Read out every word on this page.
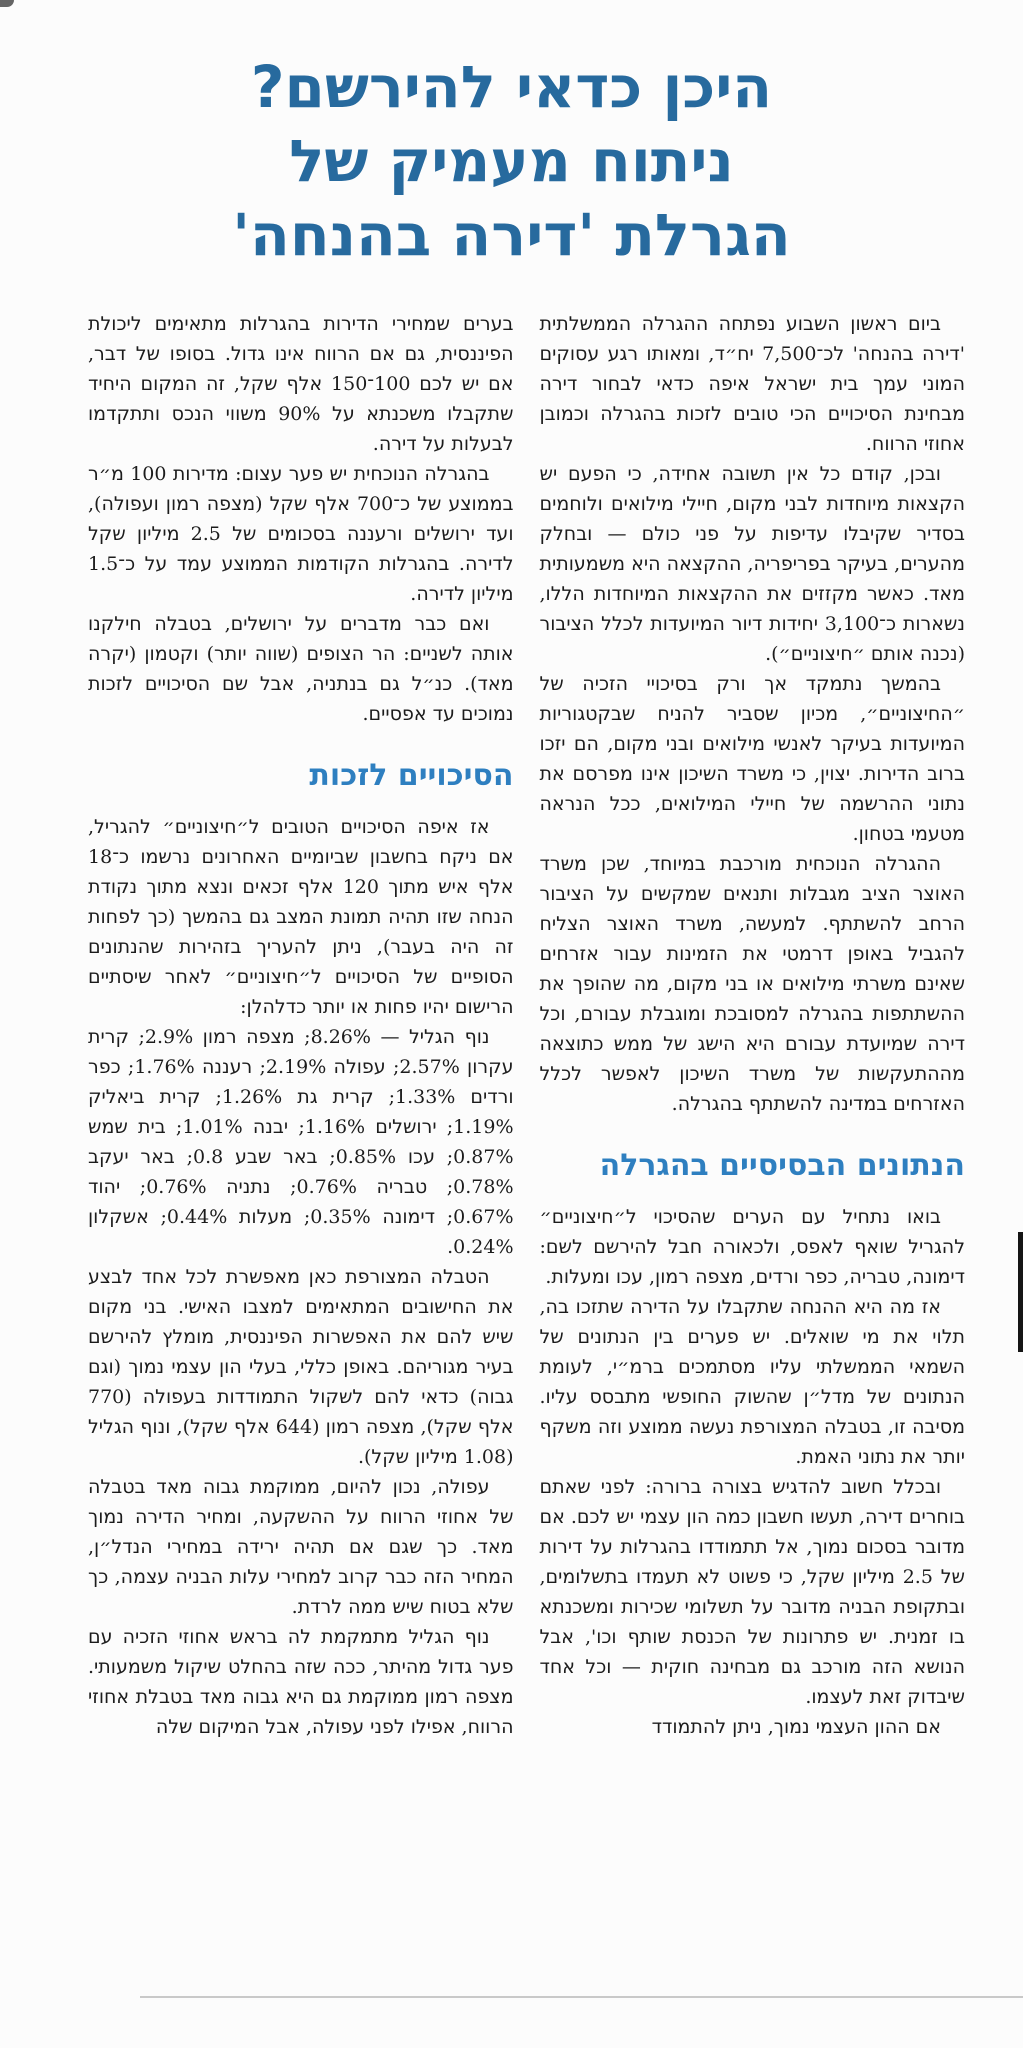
היכן כדאי להירשם?
ניתוח מעמיק של
הגרלת 'דירה בהנחה'

ביום ראשון השבוע נפתחה ההגרלה הממשלתית 'דירה בהנחה' לכ־7,500 יח״ד, ומאותו רגע עסוקים המוני עמך בית ישראל איפה כדאי לבחור דירה מבחינת הסיכויים הכי טובים לזכות בהגרלה וכמובן אחוזי הרווח.

ובכן, קודם כל אין תשובה אחידה, כי הפעם יש הקצאות מיוחדות לבני מקום, חיילי מילואים ולוחמים בסדיר שקיבלו עדיפות על פני כולם — ובחלק מהערים, בעיקר בפריפריה, ההקצאה היא משמעותית מאד. כאשר מקזזים את ההקצאות המיוחדות הללו, נשארות כ־3,100 יחידות דיור המיועדות לכלל הציבור (נכנה אותם ״חיצוניים״).

בהמשך נתמקד אך ורק בסיכויי הזכיה של ״החיצוניים״, מכיון שסביר להניח שבקטגוריות המיועדות בעיקר לאנשי מילואים ובני מקום, הם יזכו ברוב הדירות. יצוין, כי משרד השיכון אינו מפרסם את נתוני ההרשמה של חיילי המילואים, ככל הנראה מטעמי בטחון.

ההגרלה הנוכחית מורכבת במיוחד, שכן משרד האוצר הציב מגבלות ותנאים שמקשים על הציבור הרחב להשתתף. למעשה, משרד האוצר הצליח להגביל באופן דרמטי את הזמינות עבור אזרחים שאינם משרתי מילואים או בני מקום, מה שהופך את ההשתתפות בהגרלה למסובכת ומוגבלת עבורם, וכל דירה שמיועדת עבורם היא הישג של ממש כתוצאה מההתעקשות של משרד השיכון לאפשר לכלל האזרחים במדינה להשתתף בהגרלה.

הנתונים הבסיסיים בהגרלה

בואו נתחיל עם הערים שהסיכוי ל״חיצוניים״ להגריל שואף לאפס, ולכאורה חבל להירשם לשם: דימונה, טבריה, כפר ורדים, מצפה רמון, עכו ומעלות.

אז מה היא ההנחה שתקבלו על הדירה שתזכו בה, תלוי את מי שואלים. יש פערים בין הנתונים של השמאי הממשלתי עליו מסתמכים ברמ״י, לעומת הנתונים של מדל״ן שהשוק החופשי מתבסס עליו. מסיבה זו, בטבלה המצורפת נעשה ממוצע וזה משקף יותר את נתוני האמת.

ובכלל חשוב להדגיש בצורה ברורה: לפני שאתם בוחרים דירה, תעשו חשבון כמה הון עצמי יש לכם. אם מדובר בסכום נמוך, אל תתמודדו בהגרלות על דירות של 2.5 מיליון שקל, כי פשוט לא תעמדו בתשלומים, ובתקופת הבניה מדובר על תשלומי שכירות ומשכנתא בו זמנית. יש פתרונות של הכנסת שותף וכו', אבל הנושא הזה מורכב גם מבחינה חוקית — וכל אחד שיבדוק זאת לעצמו.

אם ההון העצמי נמוך, ניתן להתמודד

בערים שמחירי הדירות בהגרלות מתאימים ליכולת הפיננסית, גם אם הרווח אינו גדול. בסופו של דבר, אם יש לכם 100־150 אלף שקל, זה המקום היחיד שתקבלו משכנתא על 90% משווי הנכס ותתקדמו לבעלות על דירה.

בהגרלה הנוכחית יש פער עצום: מדירות 100 מ״ר בממוצע של כ־700 אלף שקל (מצפה רמון ועפולה), ועד ירושלים ורעננה בסכומים של 2.5 מיליון שקל לדירה. בהגרלות הקודמות הממוצע עמד על כ־1.5 מיליון לדירה.

ואם כבר מדברים על ירושלים, בטבלה חילקנו אותה לשניים: הר הצופים (שווה יותר) וקטמון (יקרה מאד). כנ״ל גם בנתניה, אבל שם הסיכויים לזכות נמוכים עד אפסיים.

הסיכויים לזכות

אז איפה הסיכויים הטובים ל״חיצוניים״ להגריל, אם ניקח בחשבון שביומיים האחרונים נרשמו כ־18 אלף איש מתוך 120 אלף זכאים ונצא מתוך נקודת הנחה שזו תהיה תמונת המצב גם בהמשך (כך לפחות זה היה בעבר), ניתן להעריך בזהירות שהנתונים הסופיים של הסיכויים ל״חיצוניים״ לאחר שיסתיים הרישום יהיו פחות או יותר כדלהלן:

נוף הגליל — 8.26%; מצפה רמון 2.9%; קרית עקרון 2.57%; עפולה 2.19%; רעננה 1.76%; כפר ורדים 1.33%; קרית גת 1.26%; קרית ביאליק 1.19%; ירושלים 1.16%; יבנה 1.01%; בית שמש 0.87%; עכו 0.85%; באר שבע 0.8; באר יעקב 0.78%; טבריה 0.76%; נתניה 0.76%; יהוד 0.67%; דימונה 0.35%; מעלות 0.44%; אשקלון 0.24%.

הטבלה המצורפת כאן מאפשרת לכל אחד לבצע את החישובים המתאימים למצבו האישי. בני מקום שיש להם את האפשרות הפיננסית, מומלץ להירשם בעיר מגוריהם. באופן כללי, בעלי הון עצמי נמוך (וגם גבוה) כדאי להם לשקול התמודדות בעפולה (770 אלף שקל), מצפה רמון (644 אלף שקל), ונוף הגליל (1.08 מיליון שקל).

עפולה, נכון להיום, ממוקמת גבוה מאד בטבלה של אחוזי הרווח על ההשקעה, ומחיר הדירה נמוך מאד. כך שגם אם תהיה ירידה במחירי הנדל״ן, המחיר הזה כבר קרוב למחירי עלות הבניה עצמה, כך שלא בטוח שיש ממה לרדת.

נוף הגליל מתמקמת לה בראש אחוזי הזכיה עם פער גדול מהיתר, ככה שזה בהחלט שיקול משמעותי. מצפה רמון ממוקמת גם היא גבוה מאד בטבלת אחוזי הרווח, אפילו לפני עפולה, אבל המיקום שלה
